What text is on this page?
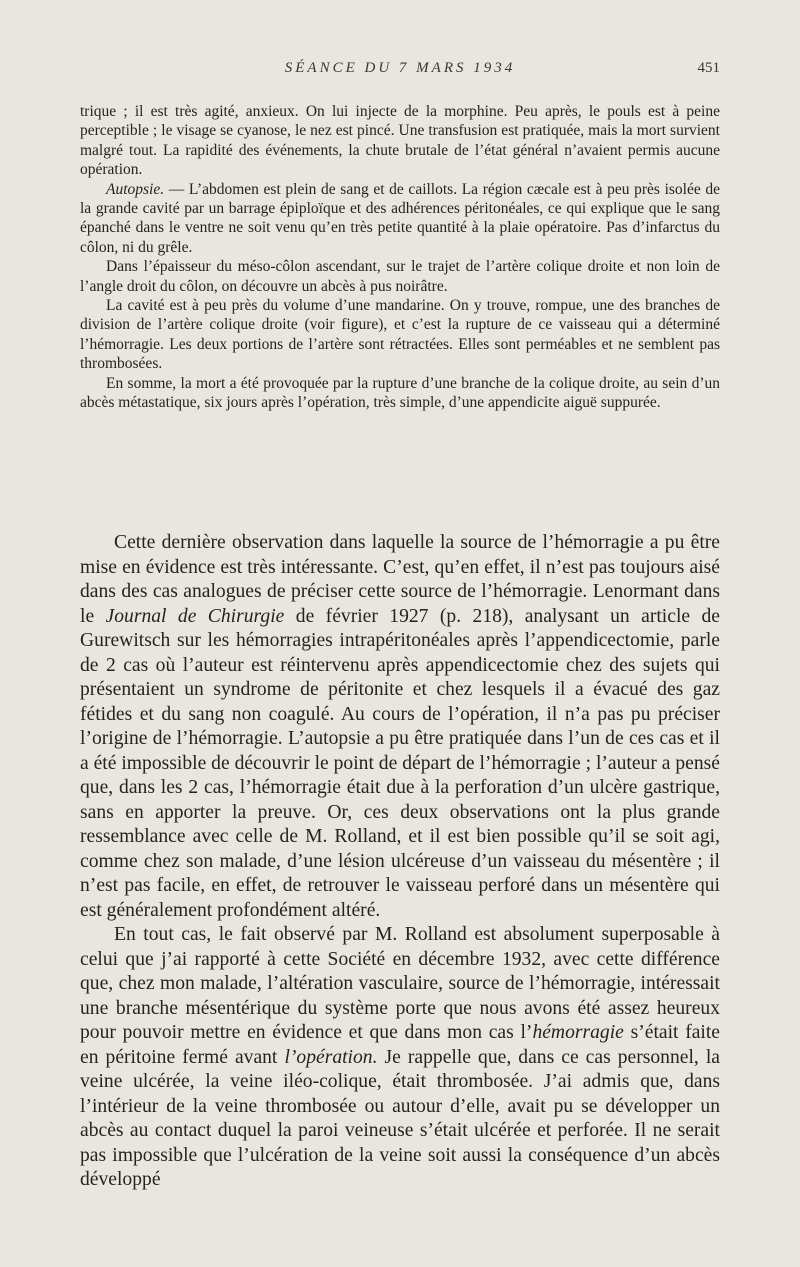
SÉANCE DU 7 MARS 1934	451

trique ; il est très agité, anxieux. On lui injecte de la morphine. Peu après, le pouls est à peine perceptible ; le visage se cyanose, le nez est pincé. Une transfusion est pratiquée, mais la mort survient malgré tout. La rapidité des événements, la chute brutale de l’état général n’avaient permis aucune opération.

Autopsie. — L’abdomen est plein de sang et de caillots. La région cæcale est à peu près isolée de la grande cavité par un barrage épiploïque et des adhérences péritonéales, ce qui explique que le sang épanché dans le ventre ne soit venu qu’en très petite quantité à la plaie opératoire. Pas d’infarctus du côlon, ni du grêle.

Dans l’épaisseur du méso-côlon ascendant, sur le trajet de l’artère colique droite et non loin de l’angle droit du côlon, on découvre un abcès à pus noirâtre.

La cavité est à peu près du volume d’une mandarine. On y trouve, rompue, une des branches de division de l’artère colique droite (voir figure), et c’est la rupture de ce vaisseau qui a déterminé l’hémorragie. Les deux portions de l’artère sont rétractées. Elles sont perméables et ne semblent pas thrombosées.

En somme, la mort a été provoquée par la rupture d’une branche de la colique droite, au sein d’un abcès métastatique, six jours après l’opération, très simple, d’une appendicite aiguë suppurée.

Cette dernière observation dans laquelle la source de l’hémorragie a pu être mise en évidence est très intéressante. C’est, qu’en effet, il n’est pas toujours aisé dans des cas analogues de préciser cette source de l’hémorragie. Lenormant dans le Journal de Chirurgie de février 1927 (p. 218), analysant un article de Gurewitsch sur les hémorragies intrapéritonéales après l’appendicectomie, parle de 2 cas où l’auteur est réintervenu après appendicectomie chez des sujets qui présentaient un syndrome de péritonite et chez lesquels il a évacué des gaz fétides et du sang non coagulé. Au cours de l’opération, il n’a pas pu préciser l’origine de l’hémorragie. L’autopsie a pu être pratiquée dans l’un de ces cas et il a été impossible de découvrir le point de départ de l’hémorragie ; l’auteur a pensé que, dans les 2 cas, l’hémorragie était due à la perforation d’un ulcère gastrique, sans en apporter la preuve. Or, ces deux observations ont la plus grande ressemblance avec celle de M. Rolland, et il est bien possible qu’il se soit agi, comme chez son malade, d’une lésion ulcéreuse d’un vaisseau du mésentère ; il n’est pas facile, en effet, de retrouver le vaisseau perforé dans un mésentère qui est généralement profondément altéré.

En tout cas, le fait observé par M. Rolland est absolument superposable à celui que j’ai rapporté à cette Société en décembre 1932, avec cette différence que, chez mon malade, l’altération vasculaire, source de l’hémorragie, intéressait une branche mésentérique du système porte que nous avons été assez heureux pour pouvoir mettre en évidence et que dans mon cas l’hémorragie s’était faite en péritoine fermé avant l’opération. Je rappelle que, dans ce cas personnel, la veine ulcérée, la veine iléo-colique, était thrombosée. J’ai admis que, dans l’intérieur de la veine thrombosée ou autour d’elle, avait pu se développer un abcès au contact duquel la paroi veineuse s’était ulcérée et perforée. Il ne serait pas impossible que l’ulcération de la veine soit aussi la conséquence d’un abcès développé
